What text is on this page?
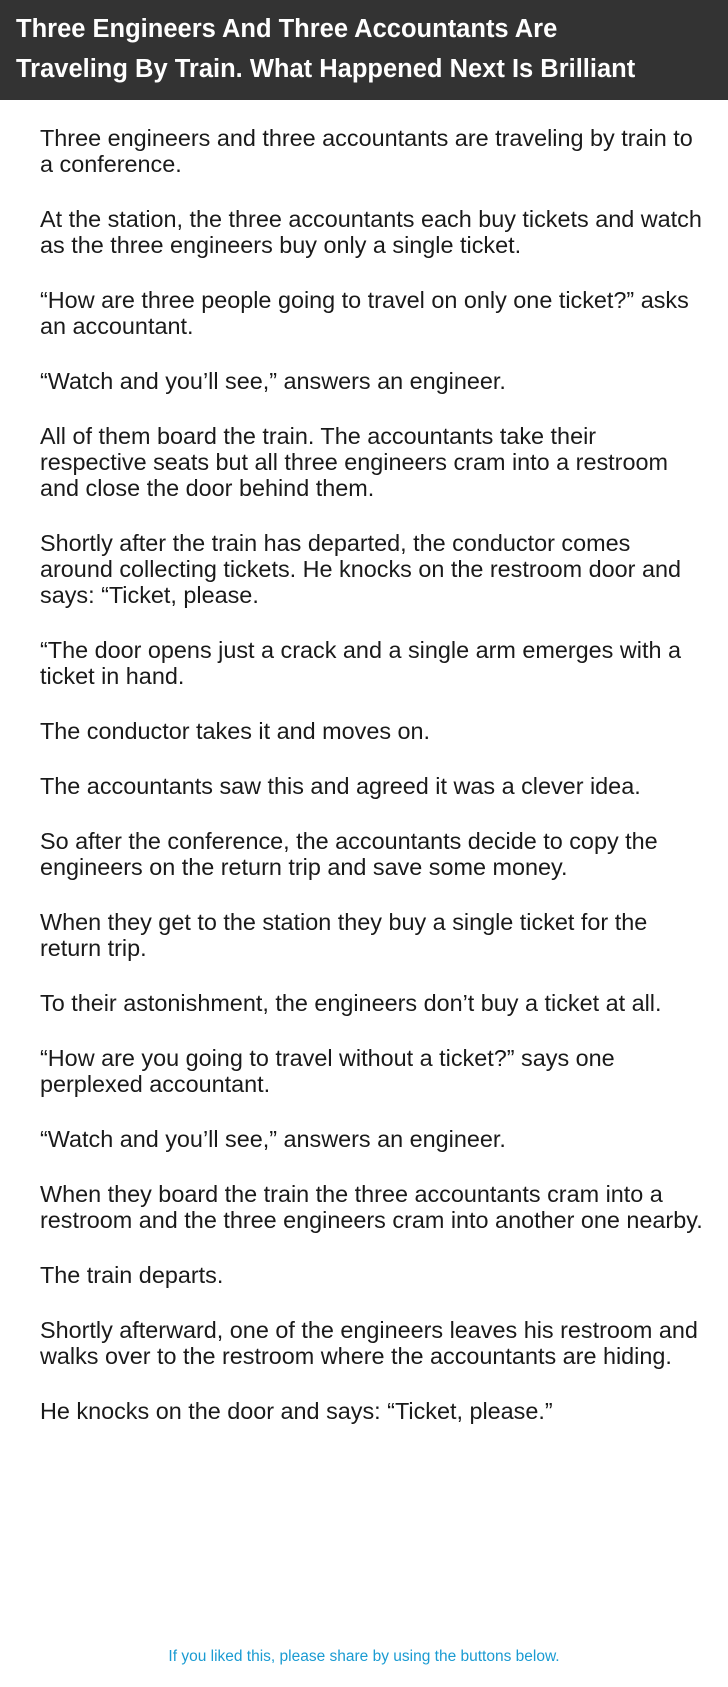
Three Engineers And Three Accountants Are
Traveling By Train. What Happened Next Is Brilliant

Three engineers and three accountants are traveling by train to a conference.

At the station, the three accountants each buy tickets and watch as the three engineers buy only a single ticket.

“How are three people going to travel on only one ticket?” asks an accountant.

“Watch and you’ll see,” answers an engineer.

All of them board the train. The accountants take their respective seats but all three engineers cram into a restroom and close the door behind them.

Shortly after the train has departed, the conductor comes around collecting tickets. He knocks on the restroom door and says: “Ticket, please.

“The door opens just a crack and a single arm emerges with a ticket in hand.

The conductor takes it and moves on.

The accountants saw this and agreed it was a clever idea.

So after the conference, the accountants decide to copy the engineers on the return trip and save some money.

When they get to the station they buy a single ticket for the return trip.

To their astonishment, the engineers don’t buy a ticket at all.

“How are you going to travel without a ticket?” says one perplexed accountant.

“Watch and you’ll see,” answers an engineer.

When they board the train the three accountants cram into a restroom and the three engineers cram into another one nearby.

The train departs.

Shortly afterward, one of the engineers leaves his restroom and walks over to the restroom where the accountants are hiding.

He knocks on the door and says: “Ticket, please.”

If you liked this, please share by using the buttons below.
